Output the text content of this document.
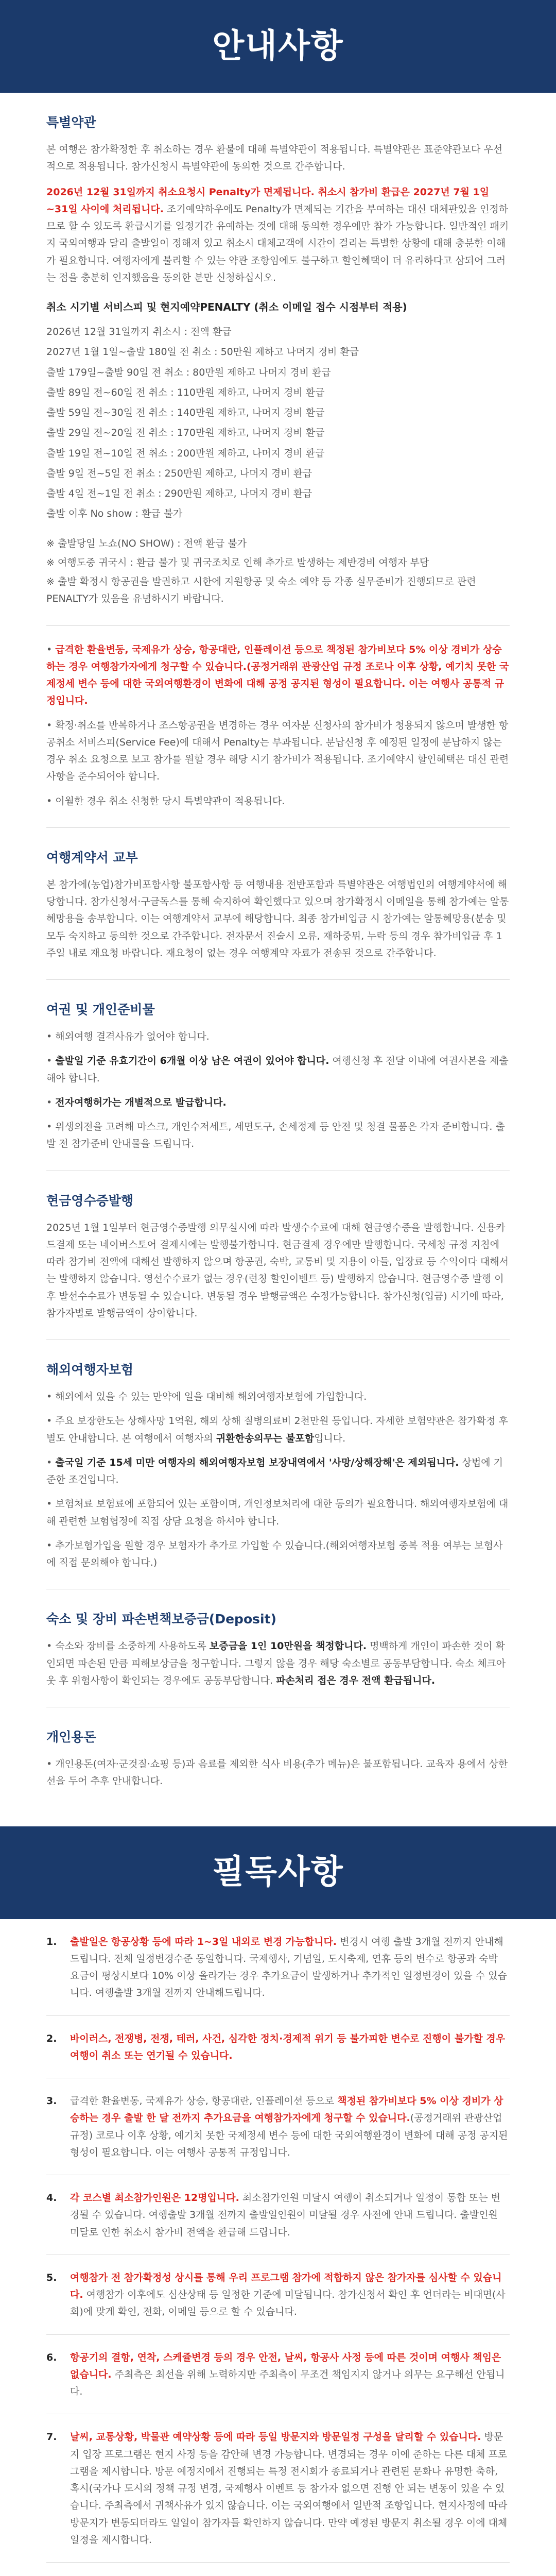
안내사항
특별약관

본 여행은 참가확정한 후 취소하는 경우 환불에 대해 특별약관이 적용됩니다. 특별약관은 표준약관보다 우선적으로 적용됩니다. 참가신청시 특별약관에 동의한 것으로 간주합니다.

2026년 12월 31일까지 취소요청시 Penalty가 면제됩니다. 취소시 참가비 환급은 2027년 7월 1일~31일 사이에 처리됩니다. 조기예약하우에도 Penalty가 면제되는 기간을 부여하는 대신 대체판있을 인정하므로 할 수 있도록 환급시기를 일정기간 유예하는 것에 대해 동의한 경우에만 참가 가능합니다. 일반적인 패키지 국외여행과 달리 출발일이 정해져 있고 취소시 대체고객에 시간이 걸리는 특별한 상황에 대해 충분한 이해가 필요합니다. 여행자에게 불리할 수 있는 약관 조항임에도 불구하고 할인혜택이 더 유리하다고 삼되어 그러는 점을 충분히 인지했음을 동의한 분만 신청하십시오.

취소 시기별 서비스피 및 현지예약PENALTY (취소 이메일 접수 시점부터 적용)

2026년 12월 31일까지 취소시 : 전액 환급
2027년 1월 1일~출발 180일 전 취소 : 50만원 제하고 나머지 경비 환급
출발 179일~출발 90일 전 취소 : 80만원 제하고 나머지 경비 환급
출발 89일 전~60일 전 취소 : 110만원 제하고, 나머지 경비 환급
출발 59일 전~30일 전 취소 : 140만원 제하고, 나머지 경비 환급
출발 29일 전~20일 전 취소 : 170만원 제하고, 나머지 경비 환급
출발 19일 전~10일 전 취소 : 200만원 제하고, 나머지 경비 환급
출발 9일 전~5일 전 취소 : 250만원 제하고, 나머지 경비 환급
출발 4일 전~1일 전 취소 : 290만원 제하고, 나머지 경비 환급
출발 이후 No show : 환급 불가
※ 출발당일 노쇼(NO SHOW) : 전액 환급 불가
※ 여행도중 귀국시 : 환급 불가 및 귀국조치로 인해 추가로 발생하는 제반경비 여행자 부담
※ 출발 확정시 항공권을 발권하고 시한에 지원항공 및 숙소 예약 등 각종 실무준비가 진행되므로 관련 PENALTY가 있음을 유념하시기 바랍니다.
• 급격한 환율변동, 국제유가 상승, 항공대란, 인플레이션 등으로 책정된 참가비보다 5% 이상 경비가 상승하는 경우 여행참가자에게 청구할 수 있습니다.(공정거래위 관광산업 규정 조로나 이후 상황, 예기치 못한 국제정세 변수 등에 대한 국외여행환경이 변화에 대해 공정 공지된 형성이 필요합니다. 이는 여행사 공통적 규정입니다.
• 확정·취소를 반복하거나 조스항공권을 변경하는 경우 여자분 신청사의 참가비가 청용되지 않으며 발생한 항공취소 서비스피(Service Fee)에 대해서 Penalty는 부과됩니다. 분납신청 후 예정된 일정에 분납하지 않는 경우 취소 요청으로 보고 참가를 원할 경우 해당 시기 참가비가 적용됩니다. 조기예약시 할인혜택은 대신 관련 사항을 준수되어야 합니다.
• 이월한 경우 취소 신청한 당시 특별약관이 적용됩니다.
여행계약서 교부

본 참가에(농업)참가비포함사항 불포함사항 등 여행내용 전반포함과 특별약관은 여행법인의 여행계약서에 해당합니다. 참가신청서·구글독스를 통해 숙지하여 확인했다고 있으며 참가확정시 이메일을 통해 참가예는 알통혜망용을 송부합니다. 이는 여행계약서 교부에 해당합니다. 최종 참가비입금 시 참가예는 알통혜망용(분송 및 모두 숙지하고 동의한 것으로 간주합니다. 전자문서 진술시 오류, 재하중뮈, 누락 등의 경우 참가비입금 후 1주일 내로 재요청 바랍니다. 재요청이 없는 경우 여행계약 자료가 전송된 것으로 간주합니다.

여권 및 개인준비물
• 해외여행 결격사유가 없어야 합니다.
• 출발일 기준 유효기간이 6개월 이상 남은 여권이 있어야 합니다. 여행신청 후 전달 이내에 여권사본을 제출해야 합니다.
• 전자여행허가는 개별적으로 발급합니다.
• 위생의전을 고려해 마스크, 개인수저세트, 세면도구, 손세정제 등 안전 및 청결 물품은 각자 준비합니다. 출발 전 참가준비 안내물을 드립니다.
현금영수증발행

2025년 1월 1일부터 현금영수증발행 의무실시에 따라 발생수수료에 대해 현금영수증을 발행합니다. 신용카드결제 또는 네이버스토어 결제시에는 발행불가합니다. 현금결제 경우에만 발행합니다. 국세청 규정 지침에 따라 참가비 전액에 대해선 발행하지 않으며 항공권, 숙박, 교통비 및 지용이 아들, 입장료 등 수익이다 대해서는 발행하지 않습니다. 영선수수료가 없는 경우(런칭 할인이벤트 등) 발행하지 않습니다. 현금영수증 발행 이후 발선수수료가 변동될 수 있습니다. 변동될 경우 발행금액은 수정가능합니다. 참가신청(입금) 시기에 따라, 참가자별로 발행금액이 상이합니다.

해외여행자보험
• 해외에서 있을 수 있는 만약에 일을 대비해 해외여행자보험에 가입합니다.
• 주요 보장한도는 상해사망 1억원, 해외 상해 질병의료비 2천만원 등입니다. 자세한 보험약관은 참가확정 후 별도 안내합니다. 본 여행에서 여행자의 귀환한송의무는 불포함입니다.
• 출국일 기준 15세 미만 여행자의 해외여행자보험 보장내역에서 '사망/상해장해'은 제외됩니다. 상법에 기준한 조건입니다.
• 보험처료 보험료에 포함되어 있는 포함이며, 개인정보처리에 대한 동의가 필요합니다. 해외여행자보험에 대해 관련한 보험협정에 직접 상담 요청을 하셔야 합니다.
• 추가보험가입을 원할 경우 보험자가 추가로 가입할 수 있습니다.(해외여행자보험 중복 적용 여부는 보험사에 직접 문의해야 합니다.)
숙소 및 장비 파손변책보증금(Deposit)
• 숙소와 장비를 소중하게 사용하도록 보증금을 1인 10만원을 책정합니다. 명백하게 개인이 파손한 것이 확인되면 파손된 만큼 피해보상금을 청구합니다. 그렇지 않을 경우 해당 숙소별로 공동부담합니다. 숙소 체크아웃 후 위험사항이 확인되는 경우에도 공동부담합니다. 파손처리 접은 경우 전액 환급됩니다.
개인용돈
• 개인용돈(여자·군것질·쇼핑 등)과 음료를 제외한 식사 비용(추가 메뉴)은 불포함됩니다. 교육자 용에서 상한선을 두어 추후 안내합니다.
필독사항
1.	출발일은 항공상황 등에 따라 1~3일 내외로 변경 가능합니다. 변경시 여행 출발 3개월 전까지 안내해 드립니다. 전체 일정변경수준 동일합니다. 국제행사, 기념일, 도시축제, 연휴 등의 변수로 항공과 숙박 요금이 평상시보다 10% 이상 올라가는 경우 추가요금이 발생하거나 추가적인 일정변경이 있을 수 있습니다. 여행출발 3개월 전까지 안내해드립니다.
2.	바이러스, 전쟁병, 전쟁, 테러, 사건, 심각한 정치·경제적 위기 등 불가피한 변수로 진행이 불가할 경우 여행이 취소 또는 연기될 수 있습니다.
3.	급격한 환율변동, 국제유가 상승, 항공대란, 인플레이션 등으로 책정된 참가비보다 5% 이상 경비가 상승하는 경우 출발 한 달 전까지 추가요금을 여행참가자에게 청구할 수 있습니다.(공정거래위 관광산업 규정) 코로나 이후 상황, 예기치 못한 국제정세 변수 등에 대한 국외여행환경이 변화에 대해 공정 공지된 형성이 필요합니다. 이는 여행사 공통적 규정입니다.
4.	각 코스별 최소참가인원은 12명입니다. 최소참가인원 미달시 여행이 취소되거나 일정이 통합 또는 변경될 수 있습니다. 여행출발 3개월 전까지 출발일인원이 미달될 경우 사전에 안내 드립니다. 출발인원 미달로 인한 취소시 참가비 전액을 환급해 드립니다.
5.	여행참가 전 참가확정성 상시를 통해 우리 프로그램 참가에 적합하지 않은 참가자를 심사할 수 있습니다. 여행참가 이후에도 심산상태 등 일정한 기준에 미달됩니다. 참가신청서 확인 후 언더라는 비대면(사회)에 맞게 확인, 전화, 이메일 등으로 할 수 있습니다.
6.	항공기의 결항, 연착, 스케쥴변경 등의 경우 안전, 날씨, 항공사 사정 등에 따른 것이며 여행사 책임은 없습니다. 주최측은 최선을 위해 노력하지만 주최측이 무조건 책임지지 않거나 의무는 요구해선 안됩니다.
7.	날씨, 교통상황, 박물관 예약상황 등에 따라 등일 방문지와 방문일정 구성을 달리할 수 있습니다. 방문지 입장 프로그램은 현지 사정 등을 감안해 변경 가능합니다. 변경되는 경우 이에 준하는 다른 대체 프로그램을 제시합니다. 방문 예정지에서 진행되는 특정 전시회가 종료되거나 관련된 문화나 유명한 축하, 혹시(국가나 도시의 정책 규정 변경, 국제행사 이벤트 등 참가자 없으면 진행 안 되는 변동이 있을 수 있습니다. 주최측에서 귀책사유가 있지 않습니다. 이는 국외여행에서 일반적 조항입니다. 현지사정에 따라 방문지가 변동되더라도 일일이 참가자들 확인하지 않습니다. 만약 예정된 방문지 취소될 경우 이에 대체일정을 제시합니다.
